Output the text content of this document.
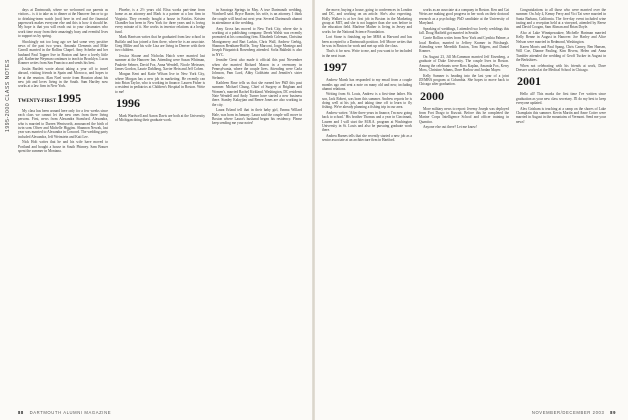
1995-2000 CLASS NOTES

days at Dartmouth, where we welcomed our parents as visitors... is it to take us to dinner at the Hanover Inn or to go to drinking-team watch (not) here in red and the financial paperwork makes everyone else and this is how it should be. My hope is that you will reach out to your classmates who work time away from their amazingly busy and eventful lives to support us by spring.

Shockingly not too long ago we had some very positive news of the past two years. Amanda Clements and Mike Carroll married in the Rollins Chapel. Amy Scheibe and her husband Paul Tapper live in Boston and have a lovely little girl. Katherine Weyman continues to teach in Brooklyn. Lucas Kramer writes from San Francisco and sends his best.

Justin Bartlett wrote about taking a year off to travel abroad, visiting friends in Spain and Morocco, and hopes to be at the reunion. Alan Noel wrote from Houston about his new job and loves living in the South. Sam Hartley now works at a law firm in New York.

TWENTY-FIRST1995

My class has been around here only for a few weeks since each class we cannot let the new ones from three living persons. First, news from Alexandra Stamford. Alexandra, who is married to Darren Wentworth, announced the birth of twin sons Oliver and Michelle Higgins. Shannon Newak, last year was married to Alexandra in Concord. The wedding party included Alexandra, Jeff Weinstein and Kati Lee.

Nick Holt writes that he and his wife have moved to Portland and bought a house in South Phinney. Sam Brauer spent the summer in Montana.

Phoebe, is a 2½ years old. Elisa works part-time from home as an attorney and Mark is a partner at a law firm in Virginia. They recently bought a house in Fairfax. Kristen Chandler has been in New York for three years and is loving every minute of it. She works in investor relations at a hedge fund.

Mark Harrison writes that he graduated from law school in Buffalo and has joined a firm there, where he is an associate. Greg Miller and his wife Lisa are living in Denver with their two children.

Jessica Sloane and Nicholas Hatch were married last summer at the Hanover Inn. Attending were Susan Whitman, Paulette Selmer, David Fox, Anna Wendell, Nicole Meissner, James Gordon, Laurie Dahlberg, Xavier Hein and Jeff Cohen.

Morgan Kent and Katie Wilson live in New York City, where Morgan has a new job in marketing. He recently ran into Brian Taylor, who is working in finance. Lauren Fisher is a resident in pediatrics at Children's Hospital in Boston. Write to me!

1996

Mark Wardwell and Aaron Davis are both at the University of Michigan doing their graduate work.

in Saratoga Springs in May. A true Dartmouth wedding, Wardwell said. Bryce Baxter, his wife, is an attorney. I think the couple will head out next year. Several Dartmouth alumni in attendance at the wedding.

Amy Gross has moved to New York City, where she is working at a publishing company. Derek Walsh was recently promoted at his consulting firm. Elizabeth Coleman, Christina Montgomery and Bart Larkin, Chris Wall, Andrew Gerbig, Shannon Bentham-Hoffle, Tony Marconi, Jorge Montego and Joseph Fitzpatrick Rosenberg attended. Sofia Bakhshi is also in NYC.

Jennifer Gerst also made it official this past November when she married Richard Mason in a ceremony in Pennsylvania, where the couple lives. Attending were Carla Johnson, Pam Lord, Abby Goldstein and Jennifer's sister Stefanie.

Kathleen Rose tells us that she earned her PhD this past summer. Michael Chung, Chief of Surgery at Brigham and Women's, married Rachel Kirkland. Washington, DC residents Nate Wendell and Andy Turner have started a new business there. Stanley Kalayjian and Renee Jones are also working in the city.

Laura Erland tell that in their baby girl, Emma Willard Hale, was born in January. Laura said the couple will move to Boston where Laura's husband began his residency. Please keep sending me your notes!

88 DARTMOUTH ALUMNI MAGAZINE

the move, buying a house, going to conferences in London and DC, and working on an article. She's also expecting. Holly Walker is at her first job in Boston in the Marketing group at MIT, and she is not happier than she was before in the education field. Marlene Mather is living in Jersey and works for the National Science Foundation.

Lori Stone is finishing up her MBA at Harvard and has been accepted to a Dartmouth position. Jeff Moore writes that he was in Boston for work and met up with the class.

That's it for now. Write to me, and you want to be included in the next issue.

1997

Andrew Marsh has responded to my email from a couple months ago and sent a note on many old and new, including alumni relations.

Writing from St. Louis, Andrew is a first-time father. His son, Jack Robert, was born this summer. Andrew reports he is doing well at his job, and taking time off to learn to fly fishing. We're already planning a fishing trip in our area.

Andrew writes: 'After three years in finance, I'm now going back to school.' His brother Thomas and a year in Cincinnati, Lauren and I will start the M.B.A. program at Washington University in St. Louis and also be pursuing graduate work there.

Andrea Barnes tells that she recently started a new job as a senior associate at an architecture firm in Hartford.

works as an associate at a company in Boston. Ken and Cat Weiss are making good progress in her work on their doctoral research as a psychology PhD candidate at the University of Maryland.

Speaking of weddings, I attended two lovely weddings this fall. Doug Hatfield got married in Seattle.

Carrie Rollins writes from New York and Cynthia Palmer, a local Realtor, married to Jeffrey Kramer in Pittsburgh. Attending were Meredith Easton, Tom Edgren, and Daniel Kramer.

On August 23, Jill McCammon married Jeff Eisenberg, a graduate of Duke University. The couple lives in Boston. Among the celebrants were Ross Kaplan, Amanda Fox, Kerry Moss, Christine Adams, Dave Barlow and Jordan Mayer.

Kelly Sumner is heading into the last year of a joint JD/MBA program at Columbia. She hopes to move back to Chicago after graduation.

2000

More military news to report: Jeremy Joseph was deployed from Fort Drago to Kuwait. Before this he completed the Marine Corps Intelligence School and officer training in Quantico.

Anyone else out there? Let me know!

Congratulations to all those who were married over the summer. On July 4, Kenny Ferry and Vici Tai were married in Santa Barbara, California. The five-day event included wine tasting and a reception held at a vineyard, attended by Reese and David Coogan, Sam Altman and Brian Doyle.

Also at Lake Winnipesaukee, Michelle Hartman married Kelly Renne in August in Hanover. Joe Harley and Alice Nelson were married in Redmond, Washington.

Karen Morris and Paul Spang, Chris Carney, Ben Hansen, Will Coe, Dianne Pauling, Kim Rivera, Helen and Anna Tumbler attended the wedding of Geoff Tucker in August in the Berkshires.

When not celebrating with his friends at work, Dave Dresser worked at the Medical School in Chicago.

2001

Hello all! This marks the first time I've written since graduation as your new class secretary. I'll do my best to keep everyone updated.

Alex Grisham is teaching at a camp on the shores of Lake Champlain this summer. Kevin Martin and Anne Cotter were married in August in the mountains of Vermont. Send me your news!

NOVEMBER/DECEMBER 2003 89
